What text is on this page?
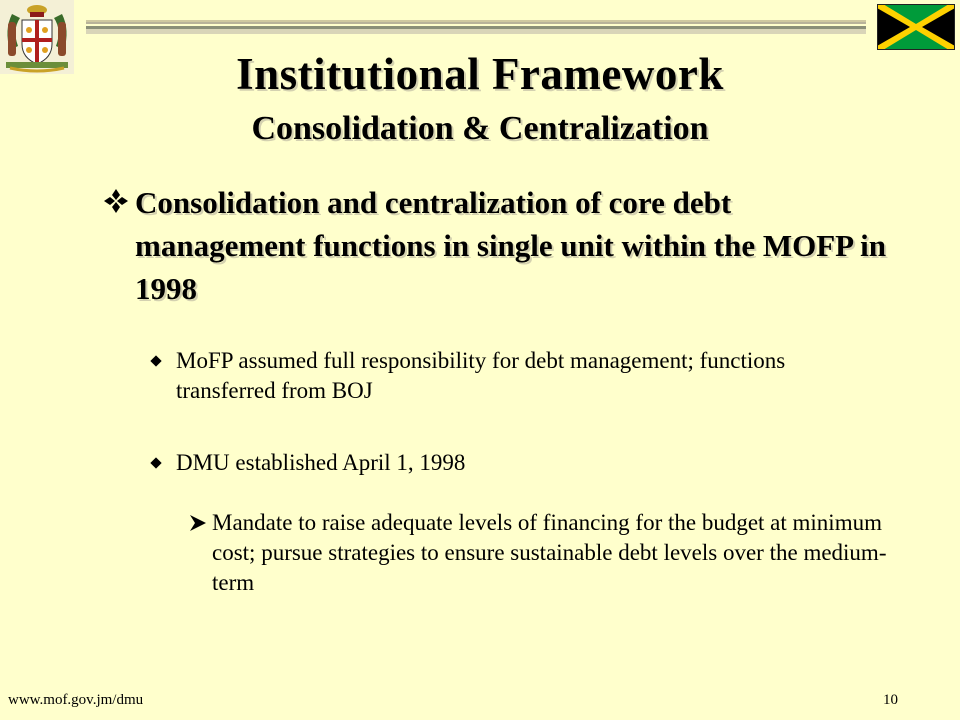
Institutional Framework
Consolidation & Centralization
Consolidation and centralization of core debt management functions in single unit within the MOFP in 1998
MoFP assumed full responsibility for debt management; functions transferred from BOJ
DMU established April 1, 1998
Mandate to raise adequate levels of financing for the budget at minimum cost; pursue strategies to ensure sustainable debt levels over the medium-term
www.mof.gov.jm/dmu	10
